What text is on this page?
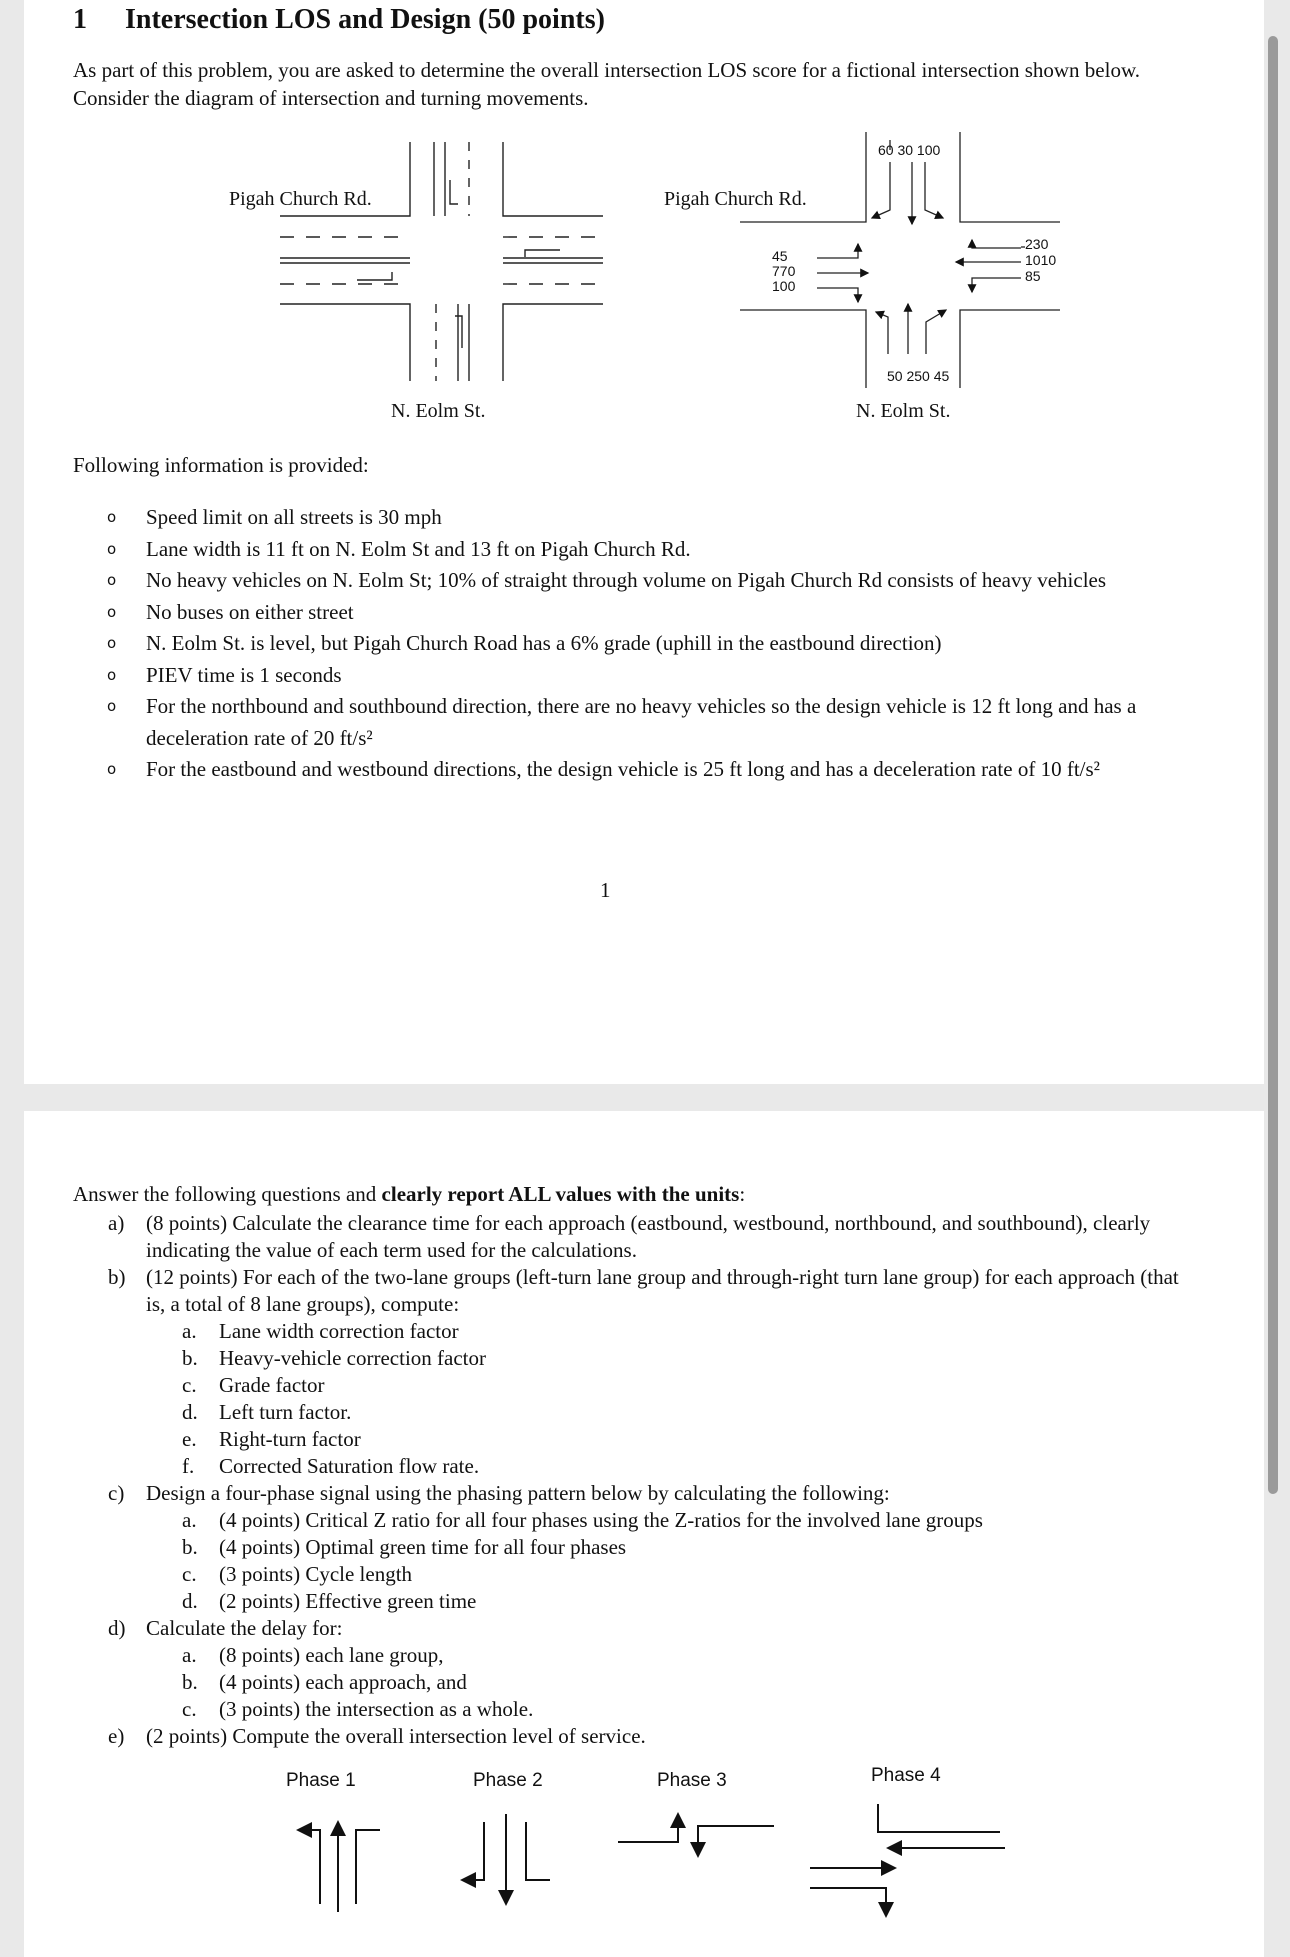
1 Intersection LOS and Design (50 points)

As part of this problem, you are asked to determine the overall intersection LOS score for a fictional intersection shown below. Consider the diagram of intersection and turning movements.

Pigah Church Rd.
N. Eolm St.
Pigah Church Rd.
N. Eolm St.
60 30 100
50 250 45
45
770
100
230
1010
85

Following information is provided:

o Speed limit on all streets is 30 mph
o Lane width is 11 ft on N. Eolm St and 13 ft on Pigah Church Rd.
o No heavy vehicles on N. Eolm St; 10% of straight through volume on Pigah Church Rd consists of heavy vehicles
o No buses on either street
o N. Eolm St. is level, but Pigah Church Road has a 6% grade (uphill in the eastbound direction)
o PIEV time is 1 seconds
o For the northbound and southbound direction, there are no heavy vehicles so the design vehicle is 12 ft long and has a deceleration rate of 20 ft/s²
o For the eastbound and westbound directions, the design vehicle is 25 ft long and has a deceleration rate of 10 ft/s²
1

Answer the following questions and clearly report ALL values with the units:

a) (8 points) Calculate the clearance time for each approach (eastbound, westbound, northbound, and southbound), clearly indicating the value of each term used for the calculations.
b) (12 points) For each of the two-lane groups (left-turn lane group and through-right turn lane group) for each approach (that is, a total of 8 lane groups), compute:
a. Lane width correction factor
b. Heavy-vehicle correction factor
c. Grade factor
d. Left turn factor.
e. Right-turn factor
f. Corrected Saturation flow rate.
c) Design a four-phase signal using the phasing pattern below by calculating the following:
a. (4 points) Critical Z ratio for all four phases using the Z-ratios for the involved lane groups
b. (4 points) Optimal green time for all four phases
c. (3 points) Cycle length
d. (2 points) Effective green time
d) Calculate the delay for:
a. (8 points) each lane group,
b. (4 points) each approach, and
c. (3 points) the intersection as a whole.
e) (2 points) Compute the overall intersection level of service.
Phase 1	Phase 2	Phase 3	Phase 4
